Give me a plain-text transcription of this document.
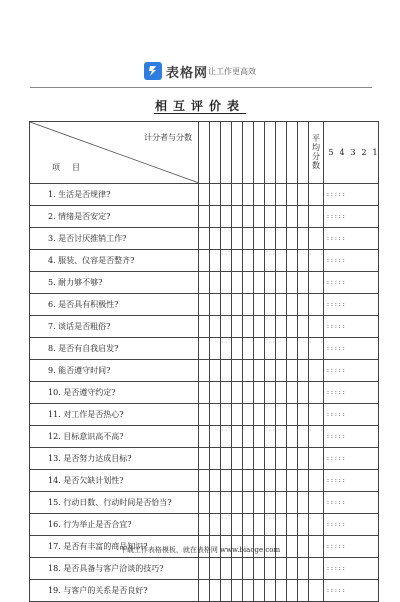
表格网 让工作更高效
相互评价表
计分者与分数
项目											平均分数	5 4 3 2 1

1. 生活是否规律?												: : : : :
2. 情绪是否安定?												: : : : :
3. 是否讨厌推销工作?												: : : : :
4. 服装、仪容是否整齐?												: : : : :
5. 耐力够不够?												: : : : :
6. 是否具有积极性?												: : : : :
7. 谈话是否粗俗?												: : : : :
8. 是否有自我启发?												: : : : :
9. 能否遵守时间?												: : : : :
10. 是否遵守约定?												: : : : :
11. 对工作是否热心?												: : : : :
12. 目标意识高不高?												: : : : :
13. 是否努力达成目标?												: : : : :
14. 是否欠缺计划性?												: : : : :
15. 行动日数、行动时间是否恰当?												: : : : :
16. 行为举止是否合宜?												: : : : :
17. 是否有丰富的商品知识?												: : : : :
18. 是否具备与客户洽谈的技巧?												: : : : :
19. 与客户的关系是否良好?												: : : : :
下载工作表格模板，就在表格网 www.biaoge.com
